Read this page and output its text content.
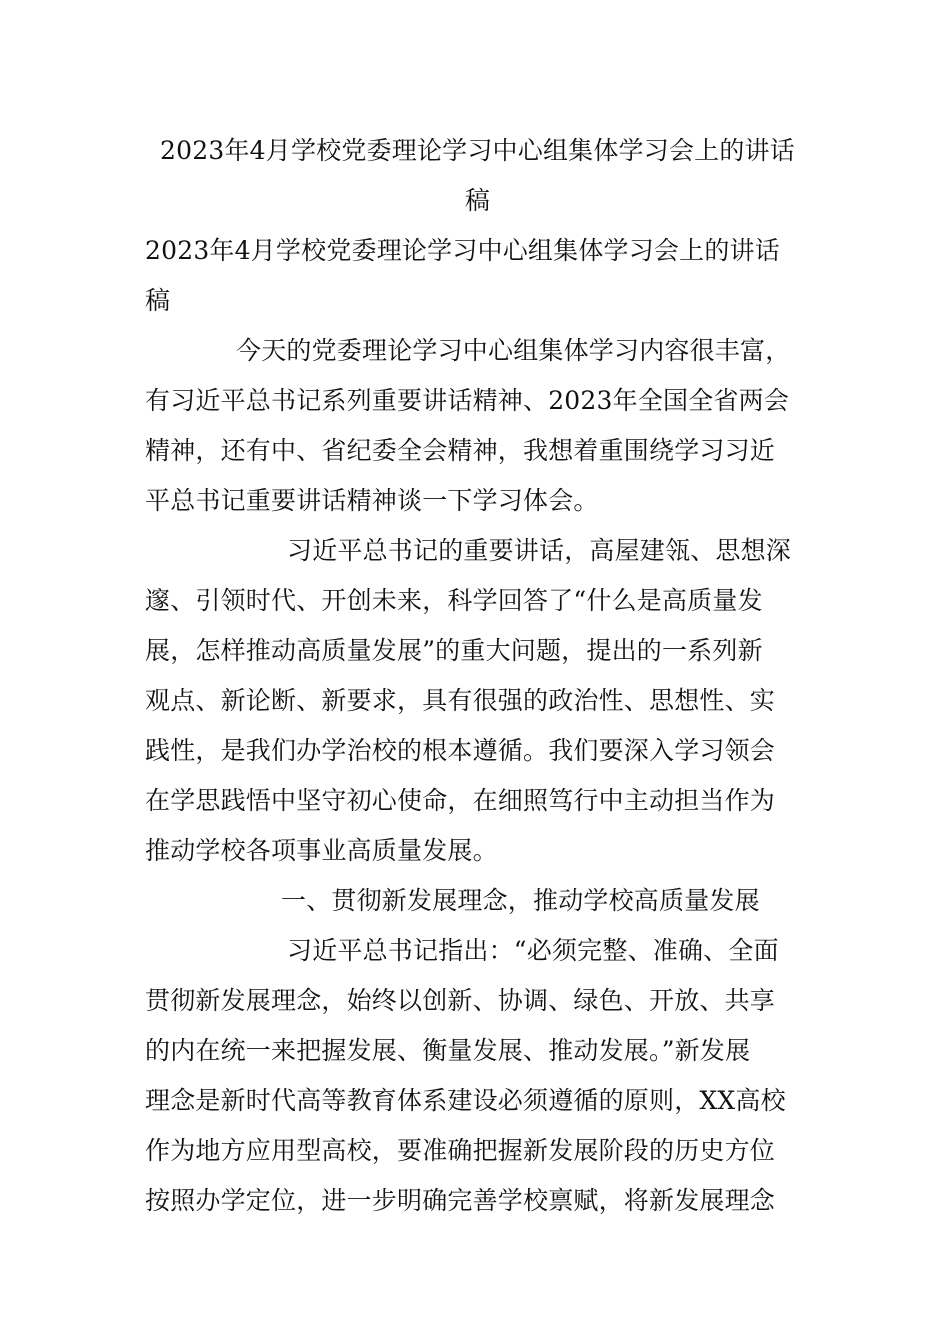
2023年4月学校党委理论学习中心组集体学习会上的讲话
稿
2023年4月学校党委理论学习中心组集体学习会上的讲话
稿
今天的党委理论学习中心组集体学习内容很丰富，
有习近平总书记系列重要讲话精神、2023年全国全省两会
精神，还有中、省纪委全会精神，我想着重围绕学习习近
平总书记重要讲话精神谈一下学习体会。
习近平总书记的重要讲话，高屋建瓴、思想深
邃、引领时代、开创未来，科学回答了“什么是高质量发
展，怎样推动高质量发展”的重大问题，提出的一系列新
观点、新论断、新要求，具有很强的政治性、思想性、实
践性，是我们办学治校的根本遵循。我们要深入学习领会
在学思践悟中坚守初心使命，在细照笃行中主动担当作为
推动学校各项事业高质量发展。
一、贯彻新发展理念，推动学校高质量发展
习近平总书记指出：“必须完整、准确、全面
贯彻新发展理念，始终以创新、协调、绿色、开放、共享
的内在统一来把握发展、衡量发展、推动发展。”新发展
理念是新时代高等教育体系建设必须遵循的原则，XX高校
作为地方应用型高校，要准确把握新发展阶段的历史方位
按照办学定位，进一步明确完善学校禀赋，将新发展理念
